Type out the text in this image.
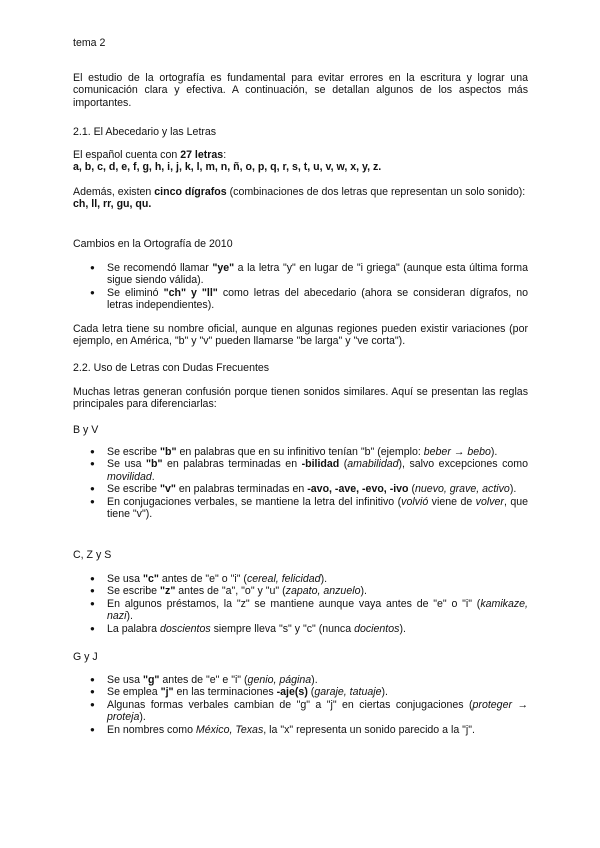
tema 2

El estudio de la ortografía es fundamental para evitar errores en la escritura y lograr una comunicación clara y efectiva. A continuación, se detallan algunos de los aspectos más importantes.

2.1. El Abecedario y las Letras

El español cuenta con 27 letras:

a, b, c, d, e, f, g, h, i, j, k, l, m, n, ñ, o, p, q, r, s, t, u, v, w, x, y, z.

Además, existen cinco dígrafos (combinaciones de dos letras que representan un solo sonido):

ch, ll, rr, gu, qu.

Cambios en la Ortografía de 2010
● Se recomendó llamar "ye" a la letra "y" en lugar de "i griega" (aunque esta última forma sigue siendo válida).
● Se eliminó "ch" y "ll" como letras del abecedario (ahora se consideran dígrafos, no letras independientes).

Cada letra tiene su nombre oficial, aunque en algunas regiones pueden existir variaciones (por ejemplo, en América, "b" y "v" pueden llamarse "be larga" y "ve corta").

2.2. Uso de Letras con Dudas Frecuentes

Muchas letras generan confusión porque tienen sonidos similares. Aquí se presentan las reglas principales para diferenciarlas:

B y V
● Se escribe "b" en palabras que en su infinitivo tenían "b" (ejemplo: beber → bebo).
● Se usa "b" en palabras terminadas en -bilidad (amabilidad), salvo excepciones como movilidad.
● Se escribe "v" en palabras terminadas en -avo, -ave, -evo, -ivo (nuevo, grave, activo).
● En conjugaciones verbales, se mantiene la letra del infinitivo (volvió viene de volver, que tiene "v").
C, Z y S
● Se usa "c" antes de "e" o "i" (cereal, felicidad).
● Se escribe "z" antes de "a", "o" y "u" (zapato, anzuelo).
● En algunos préstamos, la "z" se mantiene aunque vaya antes de "e" o "i" (kamikaze, nazi).
● La palabra doscientos siempre lleva "s" y "c" (nunca docientos).
G y J
● Se usa "g" antes de "e" e "i" (genio, página).
● Se emplea "j" en las terminaciones -aje(s) (garaje, tatuaje).
● Algunas formas verbales cambian de "g" a "j" en ciertas conjugaciones (proteger → proteja).
● En nombres como México, Texas, la "x" representa un sonido parecido a la "j".
